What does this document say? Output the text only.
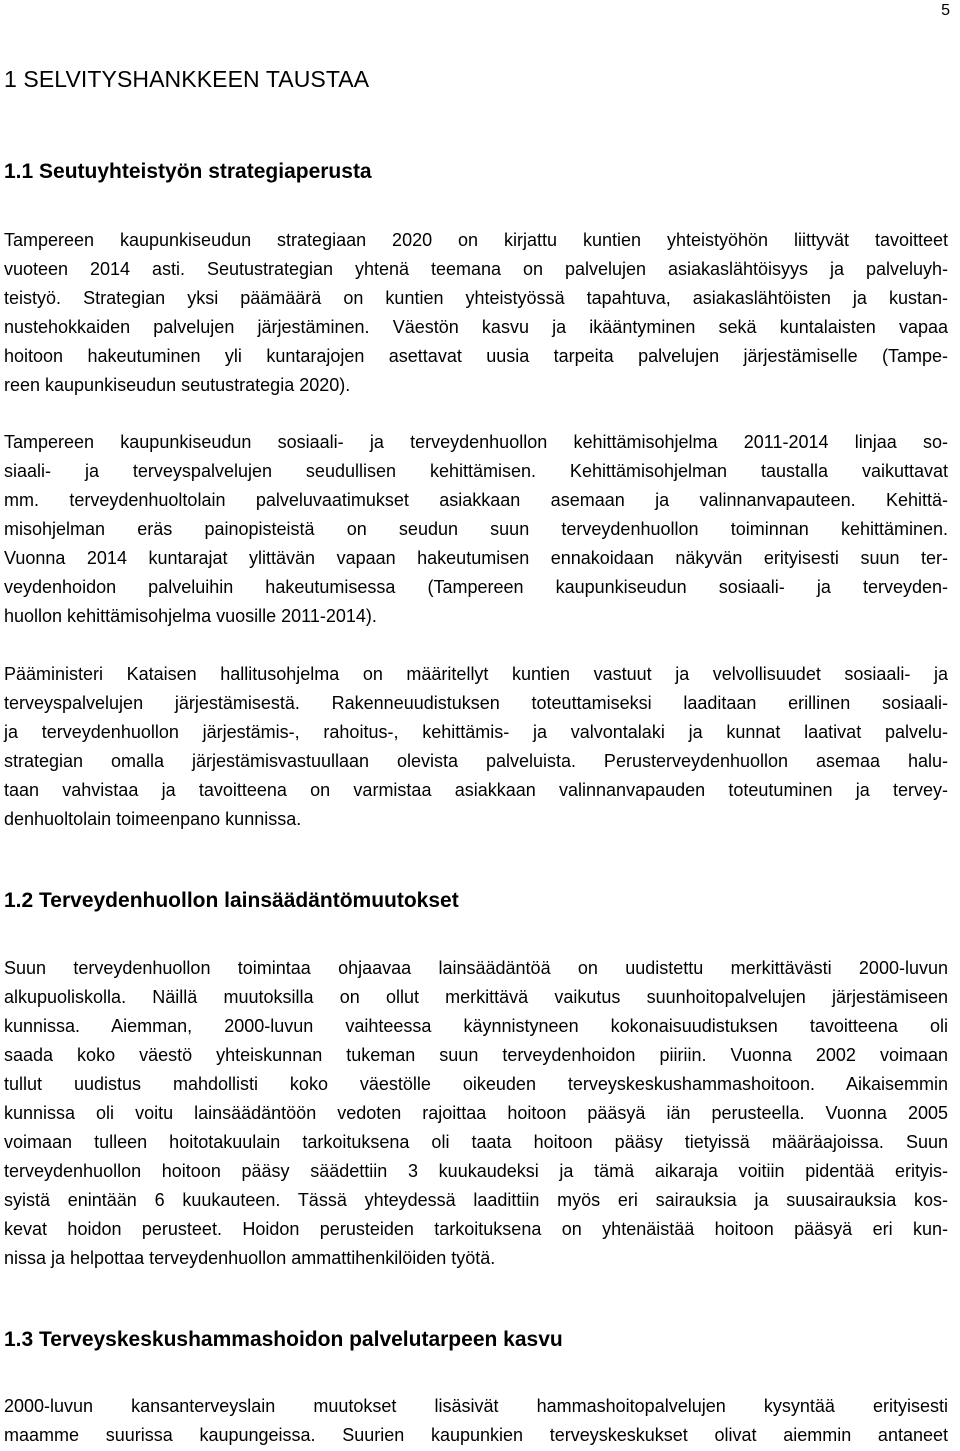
5
1 SELVITYSHANKKEEN TAUSTAA
1.1 Seutuyhteistyön strategiaperusta
Tampereen kaupunkiseudun strategiaan 2020 on kirjattu kuntien yhteistyöhön liittyvät tavoitteet
vuoteen 2014 asti. Seutustrategian yhtenä teemana on palvelujen asiakaslähtöisyys ja palveluyh-
teistyö. Strategian yksi päämäärä on kuntien yhteistyössä tapahtuva, asiakaslähtöisten ja kustan-
nustehokkaiden palvelujen järjestäminen. Väestön kasvu ja ikääntyminen sekä kuntalaisten vapaa
hoitoon hakeutuminen yli kuntarajojen asettavat uusia tarpeita palvelujen järjestämiselle (Tampe-
reen kaupunkiseudun seutustrategia 2020).
Tampereen kaupunkiseudun sosiaali- ja terveydenhuollon kehittämisohjelma 2011-2014 linjaa so-
siaali- ja terveyspalvelujen seudullisen kehittämisen. Kehittämisohjelman taustalla vaikuttavat
mm. terveydenhuoltolain palveluvaatimukset asiakkaan asemaan ja valinnanvapauteen. Kehittä-
misohjelman eräs painopisteistä on seudun suun terveydenhuollon toiminnan kehittäminen.
Vuonna 2014 kuntarajat ylittävän vapaan hakeutumisen ennakoidaan näkyvän erityisesti suun ter-
veydenhoidon palveluihin hakeutumisessa (Tampereen kaupunkiseudun sosiaali- ja terveyden-
huollon kehittämisohjelma vuosille 2011-2014).
Pääministeri Kataisen hallitusohjelma on määritellyt kuntien vastuut ja velvollisuudet sosiaali- ja
terveyspalvelujen järjestämisestä. Rakenneuudistuksen toteuttamiseksi laaditaan erillinen sosiaali-
ja terveydenhuollon järjestämis-, rahoitus-, kehittämis- ja valvontalaki ja kunnat laativat palvelu-
strategian omalla järjestämisvastuullaan olevista palveluista. Perusterveydenhuollon asemaa halu-
taan vahvistaa ja tavoitteena on varmistaa asiakkaan valinnanvapauden toteutuminen ja tervey-
denhuoltolain toimeenpano kunnissa.
1.2 Terveydenhuollon lainsäädäntömuutokset
Suun terveydenhuollon toimintaa ohjaavaa lainsäädäntöä on uudistettu merkittävästi 2000-luvun
alkupuoliskolla. Näillä muutoksilla on ollut merkittävä vaikutus suunhoitopalvelujen järjestämiseen
kunnissa. Aiemman, 2000-luvun vaihteessa käynnistyneen kokonaisuudistuksen tavoitteena oli
saada koko väestö yhteiskunnan tukeman suun terveydenhoidon piiriin. Vuonna 2002 voimaan
tullut uudistus mahdollisti koko väestölle oikeuden terveyskeskushammashoitoon. Aikaisemmin
kunnissa oli voitu lainsäädäntöön vedoten rajoittaa hoitoon pääsyä iän perusteella. Vuonna 2005
voimaan tulleen hoitotakuulain tarkoituksena oli taata hoitoon pääsy tietyissä määräajoissa. Suun
terveydenhuollon hoitoon pääsy säädettiin 3 kuukaudeksi ja tämä aikaraja voitiin pidentää erityis-
syistä enintään 6 kuukauteen. Tässä yhteydessä laadittiin myös eri sairauksia ja suusairauksia kos-
kevat hoidon perusteet. Hoidon perusteiden tarkoituksena on yhtenäistää hoitoon pääsyä eri kun-
nissa ja helpottaa terveydenhuollon ammattihenkilöiden työtä.
1.3 Terveyskeskushammashoidon palvelutarpeen kasvu
2000-luvun kansanterveyslain muutokset lisäsivät hammashoitopalvelujen kysyntää erityisesti
maamme suurissa kaupungeissa. Suurien kaupunkien terveyskeskukset olivat aiemmin antaneet
